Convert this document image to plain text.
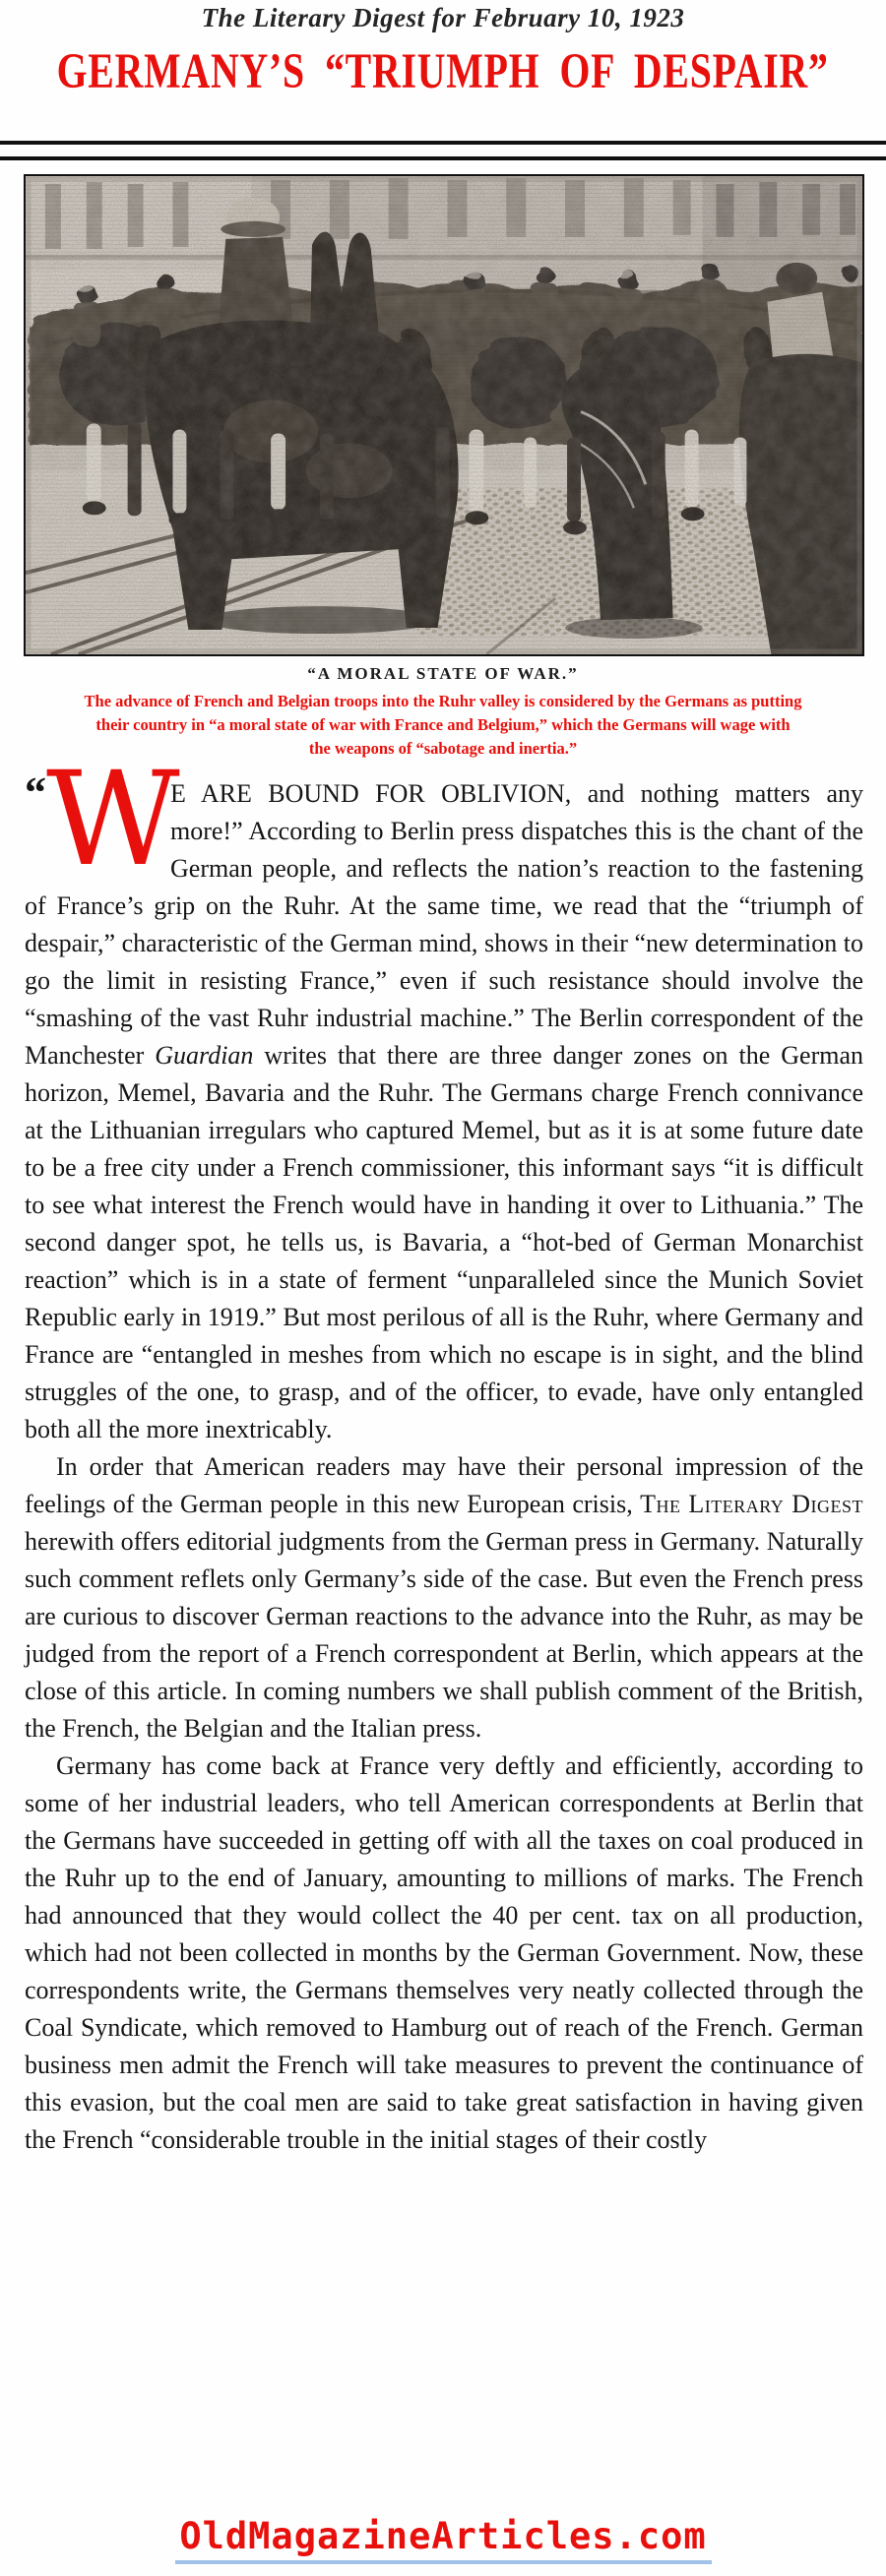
The Literary Digest for February 10, 1923
GERMANY’S “TRIUMPH OF DESPAIR”
“A MORAL STATE OF WAR.”
The advance of French and Belgian troops into the Ruhr valley is considered by the Germans as putting
their country in “a moral state of war with France and Belgium,” which the Germans will wage with
the weapons of “sabotage and inertia.”

“ W
E ARE BOUND FOR OBLIVION, and nothing matters any more!” According to Berlin press dispatches this is the chant of the German people, and reflects the nation’s reaction to the fastening of France’s grip on the Ruhr. At the same time, we read that the “triumph of despair,” characteristic of the German mind, shows in their “new determination to go the limit in resisting France,” even if such resistance should involve the “smashing of the vast Ruhr industrial machine.” The Berlin correspondent of the Manchester Guardian writes that there are three danger zones on the German horizon, Memel, Bavaria and the Ruhr. The Germans charge French connivance at the Lithuanian irregulars who captured Memel, but as it is at some future date to be a free city under a French commissioner, this informant says “it is difficult to see what interest the French would have in handing it over to Lithuania.” The second danger spot, he tells us, is Bavaria, a “hot-bed of German Monarchist reaction” which is in a state of ferment “unparalleled since the Munich Soviet Republic early in 1919.” But most perilous of all is the Ruhr, where Germany and France are “entangled in meshes from which no escape is in sight, and the blind struggles of the one, to grasp, and of the officer, to evade, have only entangled both all the more inextricably.

In order that American readers may have their personal impression of the feelings of the German people in this new European crisis, The Literary Digest herewith offers editorial judgments from the German press in Germany. Naturally such comment reflets only Germany’s side of the case. But even the French press are curious to discover German reactions to the advance into the Ruhr, as may be judged from the report of a French correspondent at Berlin, which appears at the close of this article. In coming numbers we shall publish comment of the British, the French, the Belgian and the Italian press.

Germany has come back at France very deftly and efficiently, according to some of her industrial leaders, who tell American correspondents at Berlin that the Germans have succeeded in getting off with all the taxes on coal produced in the Ruhr up to the end of January, amounting to millions of marks. The French had announced that they would collect the 40 per cent. tax on all production, which had not been collected in months by the German Government. Now, these correspondents write, the Germans themselves very neatly collected through the Coal Syndicate, which removed to Hamburg out of reach of the French. German business men admit the French will take measures to prevent the continuance of this evasion, but the coal men are said to take great satisfaction in having given the French “considerable trouble in the initial stages of their costly

OldMagazineArticles.com
